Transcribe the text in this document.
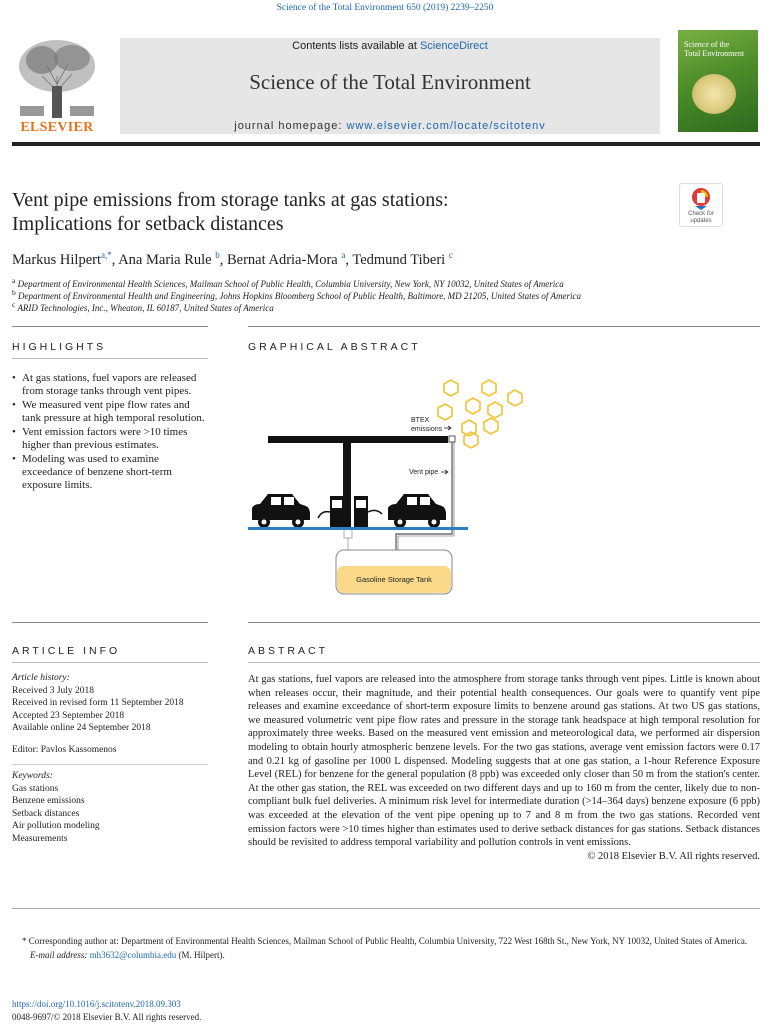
Science of the Total Environment 650 (2019) 2239–2250
ELSEVIER
Contents lists available at ScienceDirect
Science of the Total Environment
journal homepage: www.elsevier.com/locate/scitotenv
Science of the
Total Environment
Vent pipe emissions from storage tanks at gas stations:
Implications for setback distances	Check for updates
Markus Hilpert$^{a,*}$, Ana Maria Rule $^b$, Bernat Adria-Mora $^a$, Tedmund Tiberi $^c$
$^a$ Department of Environmental Health Sciences, Mailman School of Public Health, Columbia University, New York, NY 10032, United States of America
$^b$ Department of Environmental Health and Engineering, Johns Hopkins Bloomberg School of Public Health, Baltimore, MD 21205, United States of America
$^c$ ARID Technologies, Inc., Wheaton, IL 60187, United States of America
HIGHLIGHTS	GRAPHICAL ABSTRACT
• At gas stations, fuel vapors are released from storage tanks through vent pipes.
• We measured vent pipe flow rates and tank pressure at high temporal resolution.
• Vent emission factors were >10 times higher than previous estimates.
• Modeling was used to examine exceedance of benzene short-term exposure limits.
BTEX
emissions
Vent pipe
Gasoline Storage Tank
ARTICLE INFO	ABSTRACT
Article history:
Received 3 July 2018
Received in revised form 11 September 2018
Accepted 23 September 2018
Available online 24 September 2018
Editor: Pavlos Kassomenos
Keywords:
Gas stations
Benzene emissions
Setback distances
Air pollution modeling
Measurements
At gas stations, fuel vapors are released into the atmosphere from storage tanks through vent pipes. Little is known about when releases occur, their magnitude, and their potential health consequences. Our goals were to quantify vent pipe releases and examine exceedance of short-term exposure limits to benzene around gas stations. At two US gas stations, we measured volumetric vent pipe flow rates and pressure in the storage tank headspace at high temporal resolution for approximately three weeks. Based on the measured vent emission and meteorological data, we performed air dispersion modeling to obtain hourly atmospheric benzene levels. For the two gas stations, average vent emission factors were 0.17 and 0.21 kg of gasoline per 1000 L dispensed. Modeling suggests that at one gas station, a 1-hour Reference Exposure Level (REL) for benzene for the general population (8 ppb) was exceeded only closer than 50 m from the station's center. At the other gas station, the REL was exceeded on two different days and up to 160 m from the center, likely due to non-compliant bulk fuel deliveries. A minimum risk level for intermediate duration (>14–364 days) benzene exposure (6 ppb) was exceeded at the elevation of the vent pipe opening up to 7 and 8 m from the two gas stations. Recorded vent emission factors were >10 times higher than estimates used to derive setback distances for gas stations. Setback distances should be revisited to address temporal variability and pollution controls in vent emissions.
© 2018 Elsevier B.V. All rights reserved.
* Corresponding author at: Department of Environmental Health Sciences, Mailman School of Public Health, Columbia University, 722 West 168th St., New York, NY 10032, United States of America.
E-mail address: mh3632@columbia.edu (M. Hilpert).
https://doi.org/10.1016/j.scitotenv.2018.09.303
0048-9697/© 2018 Elsevier B.V. All rights reserved.
